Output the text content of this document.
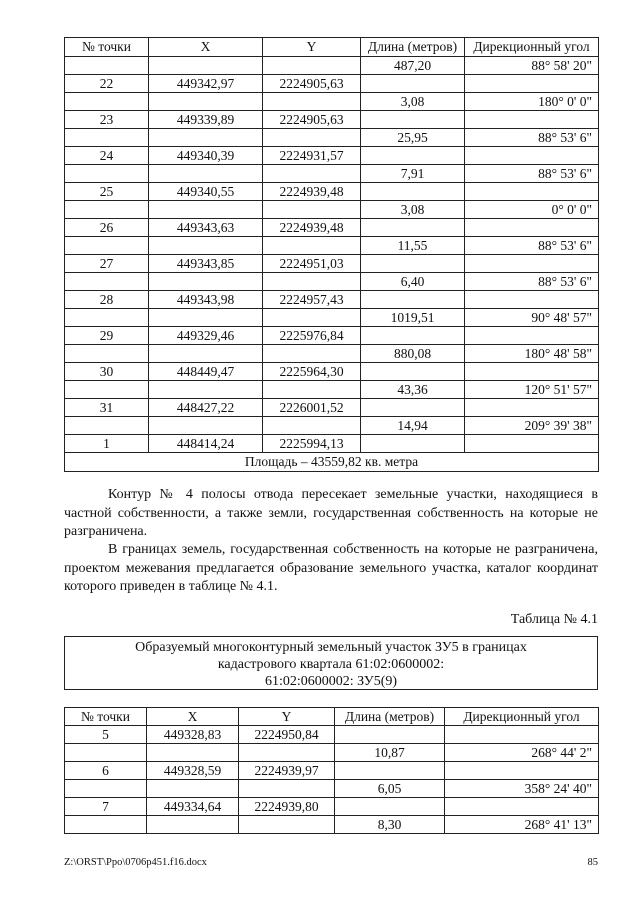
№ точки	X	Y	Длина (метров)	Дирекционный угол
			487,20	88° 58' 20"
22	449342,97	2224905,63		
			3,08	180° 0' 0"
23	449339,89	2224905,63		
			25,95	88° 53' 6"
24	449340,39	2224931,57		
			7,91	88° 53' 6"
25	449340,55	2224939,48		
			3,08	0° 0' 0"
26	449343,63	2224939,48		
			11,55	88° 53' 6"
27	449343,85	2224951,03		
			6,40	88° 53' 6"
28	449343,98	2224957,43		
			1019,51	90° 48' 57"
29	449329,46	2225976,84		
			880,08	180° 48' 58"
30	448449,47	2225964,30		
			43,36	120° 51' 57"
31	448427,22	2226001,52		
			14,94	209° 39' 38"
1	448414,24	2225994,13		
Площадь – 43559,82 кв. метра				

Контур № 4 полосы отвода пересекает земельные участки, находящиеся в частной собственности, а также земли, государственная собственность на которые не разграничена.

В границах земель, государственная собственность на которые не разграничена, проектом межевания предлагается образование земельного участка, каталог координат которого приведен в таблице № 4.1.

Таблица № 4.1
Образуемый многоконтурный земельный участок ЗУ5 в границах
кадастрового квартала 61:02:0600002:
61:02:0600002: ЗУ5(9)
№ точки	X	Y	Длина (метров)	Дирекционный угол
5	449328,83	2224950,84		
			10,87	268° 44' 2"
6	449328,59	2224939,97		
			6,05	358° 24' 40"
7	449334,64	2224939,80		
			8,30	268° 41' 13"
Z:\ORST\Ppo\0706p451.f16.docx	85
